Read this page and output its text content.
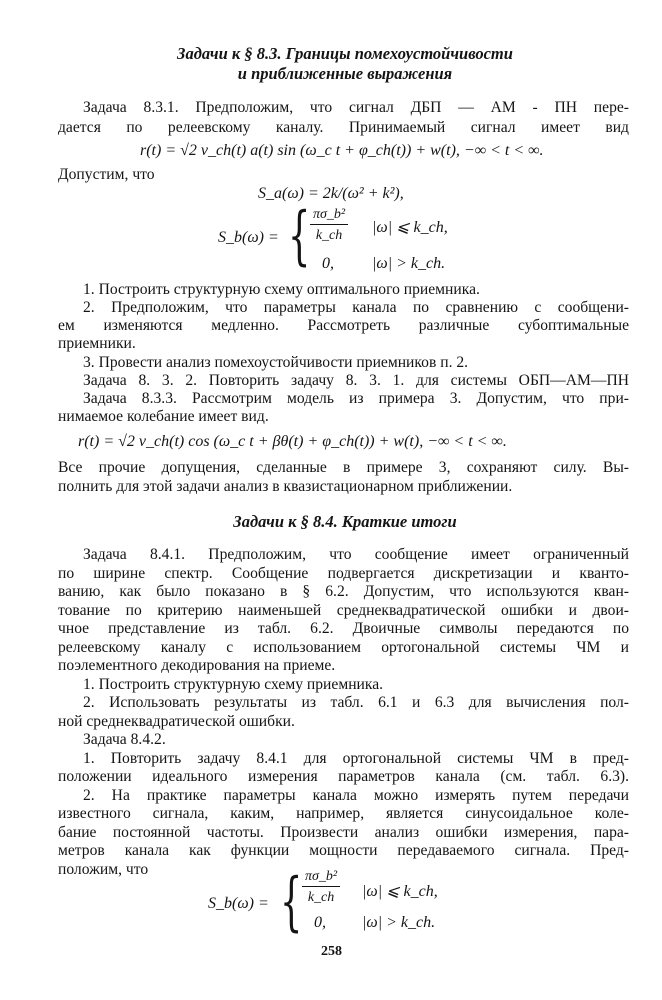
Задачи к § 8.3. Границы помехоустойчивости
и приближенные выражения
Задача 8.3.1. Предположим, что сигнал ДБП — АМ - ПН пере-
дается по релеевскому каналу. Принимаемый сигнал имеет вид
r(t) = √2 v_ch(t) a(t) sin (ω_c t + φ_ch(t)) + w(t), −∞ < t < ∞.
Допустим, что
S_a(ω) = 2k/(ω² + k²),
S_b(ω) = { $\frac{\text{πσ\_b²}}{k\_ch} |\omega|$ ⩽ k_ch,
0, |ω| > k_ch.
1. Построить структурную схему оптимального приемника.
2. Предположим, что параметры канала по сравнению с сообщени-
ем изменяются медленно. Рассмотреть различные субоптимальные
приемники.
3. Провести анализ помехоустойчивости приемников п. 2.
Задача 8. 3. 2. Повторить задачу 8. 3. 1. для системы ОБП—АМ—ПН
Задача 8.3.3. Рассмотрим модель из примера 3. Допустим, что при-
нимаемое колебание имеет вид.
r(t) = √2 v_ch(t) cos (ω_c t + βθ(t) + φ_ch(t)) + w(t), −∞ < t < ∞.
Все прочие допущения, сделанные в примере 3, сохраняют силу. Вы-
полнить для этой задачи анализ в квазистационарном приближении.
Задачи к § 8.4. Краткие итоги
Задача 8.4.1. Предположим, что сообщение имеет ограниченный
по ширине спектр. Сообщение подвергается дискретизации и кванто-
ванию, как было показано в § 6.2. Допустим, что используются кван-
тование по критерию наименьшей среднеквадратической ошибки и двои-
чное представление из табл. 6.2. Двоичные символы передаются по
релеевскому каналу с использованием ортогональной системы ЧМ и
поэлементного декодирования на приеме.
1. Построить структурную схему приемника.
2. Использовать результаты из табл. 6.1 и 6.3 для вычисления пол-
ной среднеквадратической ошибки.
Задача 8.4.2.
1. Повторить задачу 8.4.1 для ортогональной системы ЧМ в пред-
положении идеального измерения параметров канала (см. табл. 6.3).
2. На практике параметры канала можно измерять путем передачи
известного сигнала, каким, например, является синусоидальное коле-
бание постоянной частоты. Произвести анализ ошибки измерения, пара-
метров канала как функции мощности передаваемого сигнала. Пред-
положим, что
S_b(ω) = { $\frac{\text{πσ\_b²}}{k\_ch} |\omega|$ ⩽ k_ch,
0, |ω| > k_ch.
258
